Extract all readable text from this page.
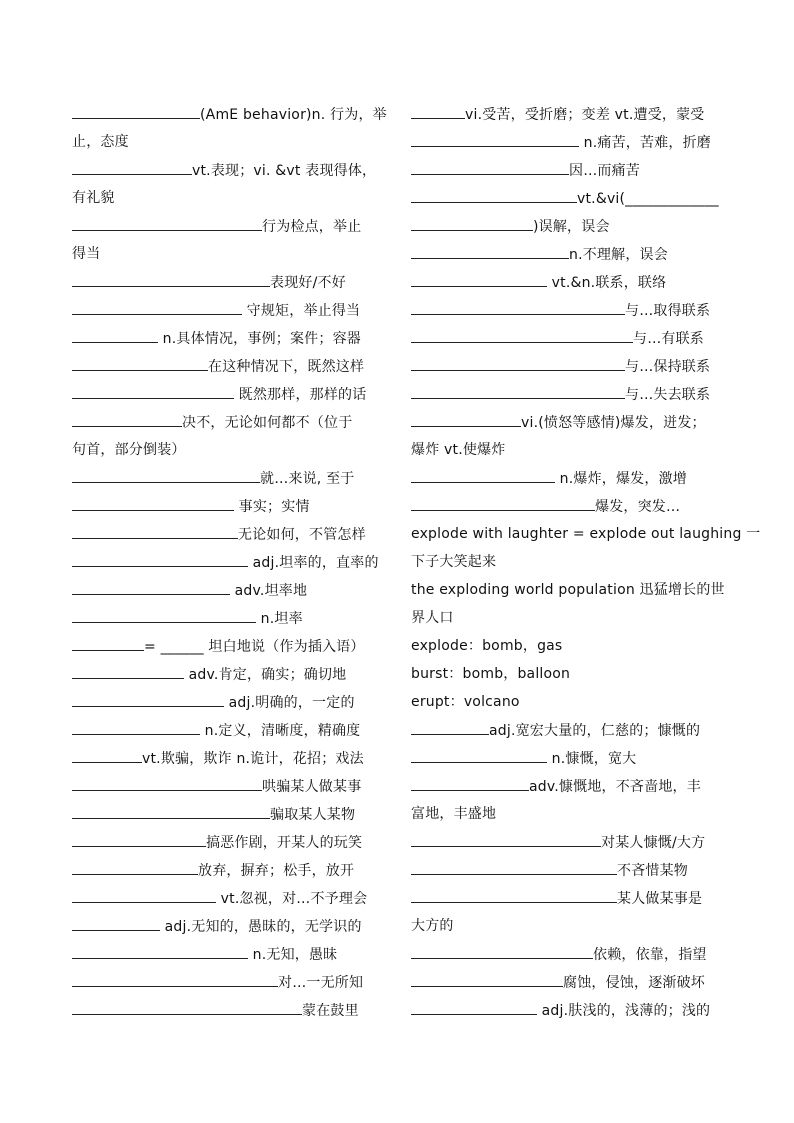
(AmE behavior)n. 行为，举
止，态度
vt.表现；vi. &vt 表现得体，
有礼貌
行为检点，举止
得当
表现好/不好
守规矩，举止得当
n.具体情况，事例；案件；容器
在这种情况下，既然这样
既然那样，那样的话
决不，无论如何都不（位于
句首，部分倒装）
就…来说, 至于
事实；实情
无论如何，不管怎样
adj.坦率的，直率的
adv.坦率地
n.坦率
= ______ 坦白地说（作为插入语）
adv.肯定，确实；确切地
adj.明确的，一定的
n.定义，清晰度，精确度
vt.欺骗，欺诈 n.诡计，花招；戏法
哄骗某人做某事
骗取某人某物
搞恶作剧，开某人的玩笑
放弃，摒弃；松手，放开
vt.忽视，对…不予理会
adj.无知的，愚昧的，无学识的
n.无知，愚昧
对…一无所知
蒙在鼓里
vi.受苦，受折磨；变差 vt.遭受，蒙受
n.痛苦，苦难，折磨
因…而痛苦
vt.&vi(_____________
)误解，误会
n.不理解，误会
vt.&n.联系，联络
与…取得联系
与…有联系
与…保持联系
与…失去联系
vi.(愤怒等感情)爆发，迸发；
爆炸 vt.使爆炸
n.爆炸，爆发，激增
爆发，突发…
explode with laughter = explode out laughing 一
下子大笑起来
the exploding world population 迅猛增长的世
界人口
explode：bomb，gas
burst：bomb，balloon
erupt：volcano
adj.宽宏大量的，仁慈的；慷慨的
n.慷慨，宽大
adv.慷慨地，不吝啬地，丰
富地，丰盛地
对某人慷慨/大方
不吝惜某物
某人做某事是
大方的
依赖，依靠，指望
腐蚀，侵蚀，逐渐破坏
adj.肤浅的，浅薄的；浅的
